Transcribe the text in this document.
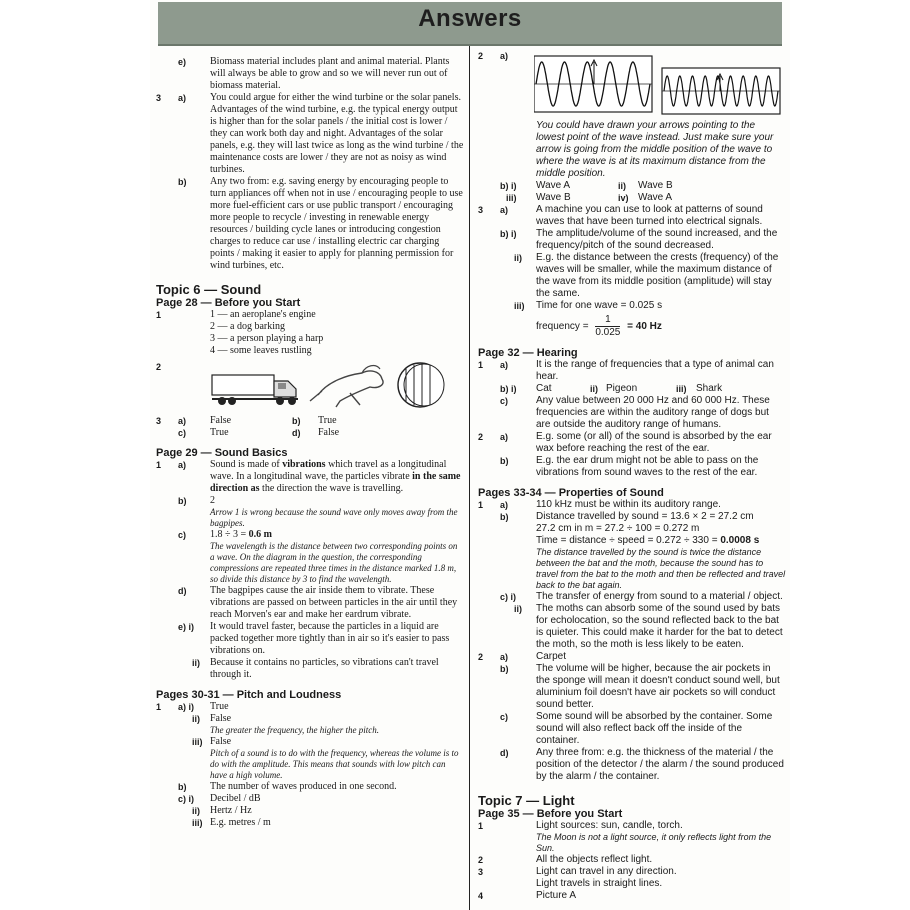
Answers
e) Biomass material includes plant and animal material. Plants will always be able to grow and so we will never run out of biomass material.
3 a) You could argue for either the wind turbine or the solar panels. Advantages of the wind turbine, e.g. the typical energy output is higher than for the solar panels / the initial cost is lower / they can work both day and night. Advantages of the solar panels, e.g. they will last twice as long as the wind turbine / the maintenance costs are lower / they are not as noisy as wind turbines.
b) Any two from: e.g. saving energy by encouraging people to turn appliances off when not in use / encouraging people to use more fuel-efficient cars or use public transport / encouraging more people to recycle / investing in renewable energy resources / building cycle lanes or introducing congestion charges to reduce car use / installing electric car charging points / making it easier to apply for planning permission for wind turbines, etc.
Topic 6 — Sound
Page 28 — Before you Start
1	1 — an aeroplane's engine
2 — a dog barking
3 — a person playing a harp
4 — some leaves rustling
2
3 a) False	b) True
c) True	d) False
Page 29 — Sound Basics
1 a) Sound is made of vibrations which travel as a longitudinal wave. In a longitudinal wave, the particles vibrate in the same direction as the direction the wave is travelling.
b) 2
Arrow 1 is wrong because the sound wave only moves away from the bagpipes.
c) 1.8 ÷ 3 = 0.6 m
The wavelength is the distance between two corresponding points on a wave. On the diagram in the question, the corresponding compressions are repeated three times in the distance marked 1.8 m, so divide this distance by 3 to find the wavelength.
d) The bagpipes cause the air inside them to vibrate. These vibrations are passed on between particles in the air until they reach Morven's ear and make her eardrum vibrate.
e) i) It would travel faster, because the particles in a liquid are packed together more tightly than in air so it's easier to pass vibrations on.
ii) Because it contains no particles, so vibrations can't travel through it.
Pages 30-31 — Pitch and Loudness
1 a) i) True
ii) False
The greater the frequency, the higher the pitch.
iii) False
Pitch of a sound is to do with the frequency, whereas the volume is to do with the amplitude. This means that sounds with low pitch can have a high volume.
b) The number of waves produced in one second.
c) i) Decibel / dB
ii) Hertz / Hz
iii) E.g. metres / m
2 a)
You could have drawn your arrows pointing to the lowest point of the wave instead. Just make sure your arrow is going from the middle position of the wave to where the wave is at its maximum distance from the middle position.
b) i) Wave A	ii) Wave B
iii) Wave B	iv) Wave A
3 a)	A machine you can use to look at patterns of sound waves that have been turned into electrical signals.
b) i) The amplitude/volume of the sound increased, and the frequency/pitch of the sound decreased.
ii) E.g. the distance between the crests (frequency) of the waves will be smaller, while the maximum distance of the wave from its middle position (amplitude) will stay the same.
iii) Time for one wave = 0.025 s
frequency = $\frac{1}{0.025} = 40$ Hz
Page 32 — Hearing
1 a)	It is the range of frequencies that a type of animal can hear.
b) i) Cat	ii) Pigeon	iii) Shark
c)	Any value between 20 000 Hz and 60 000 Hz. These frequencies are within the auditory range of dogs but are outside the auditory range of humans.
2 a)	E.g. some (or all) of the sound is absorbed by the ear wax before reaching the rest of the ear.
b)	E.g. the ear drum might not be able to pass on the vibrations from sound waves to the rest of the ear.
Pages 33-34 — Properties of Sound
1 a)	110 kHz must be within its auditory range.
b)	Distance travelled by sound = 13.6 × 2 = 27.2 cm
27.2 cm in m = 27.2 ÷ 100 = 0.272 m
Time = distance ÷ speed = 0.272 ÷ 330 = 0.0008 s
The distance travelled by the sound is twice the distance between the bat and the moth, because the sound has to travel from the bat to the moth and then be reflected and travel back to the bat again.
c) i) The transfer of energy from sound to a material / object.
ii) The moths can absorb some of the sound used by bats for echolocation, so the sound reflected back to the bat is quieter. This could make it harder for the bat to detect the moth, so the moth is less likely to be eaten.
2 a)	Carpet
b)	The volume will be higher, because the air pockets in the sponge will mean it doesn't conduct sound well, but aluminium foil doesn't have air pockets so will conduct sound better.
c)	Some sound will be absorbed by the container. Some sound will also reflect back off the inside of the container.
d)	Any three from: e.g. the thickness of the material / the position of the detector / the alarm / the sound produced by the alarm / the container.
Topic 7 — Light
Page 35 — Before you Start
1	Light sources: sun, candle, torch.
The Moon is not a light source, it only reflects light from the Sun.
2	All the objects reflect light.
3	Light can travel in any direction.
Light travels in straight lines.
4	Picture A
